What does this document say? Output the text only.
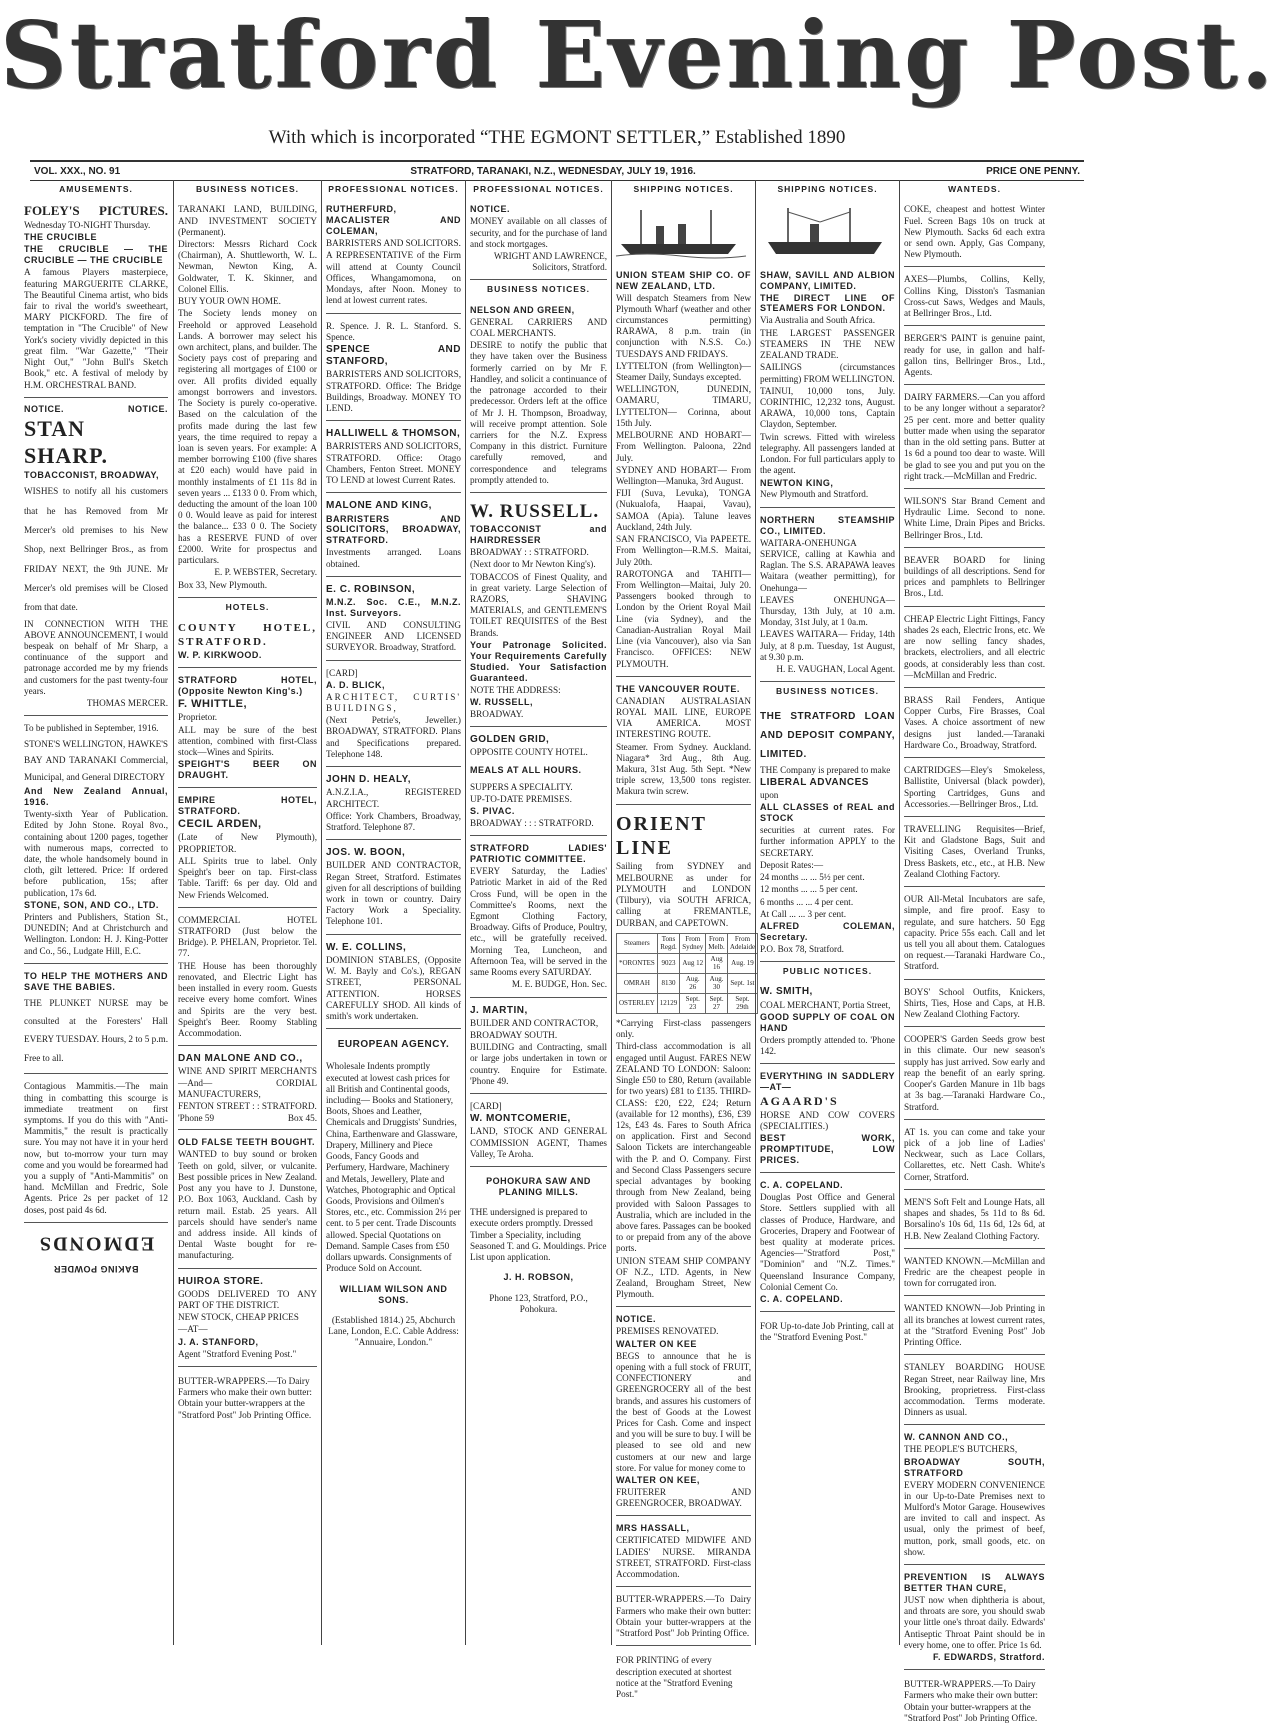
Stratford Evening Post.
With which is incorporated “THE EGMONT SETTLER,” Established 1890
VOL. XXX., NO. 91	STRATFORD, TARANAKI, N.Z., WEDNESDAY, JULY 19, 1916.	PRICE ONE PENNY.
AMUSEMENTS.
FOLEY'S PICTURES.

Wednesday TO-NIGHT Thursday.

THE CRUCIBLE

THE CRUCIBLE — THE CRUCIBLE — THE CRUCIBLE

A famous Players masterpiece, featuring MARGUERITE CLARKE, The Beautiful Cinema artist, who bids fair to rival the world's sweetheart, MARY PICKFORD. The fire of temptation in "The Crucible" of New York's society vividly depicted in this great film. "War Gazette," "Their Night Out," "John Bull's Sketch Book," etc. A festival of melody by H.M. ORCHESTRAL BAND.

NOTICE.	NOTICE.

STAN SHARP.

TOBACCONIST, BROADWAY,

WISHES to notify all his customers that he has Removed from Mr Mercer's old premises to his New Shop, next Bellringer Bros., as from FRIDAY NEXT, the 9th JUNE. Mr Mercer's old premises will be Closed from that date.

IN CONNECTION WITH THE ABOVE ANNOUNCEMENT, I would bespeak on behalf of Mr Sharp, a continuance of the support and patronage accorded me by my friends and customers for the past twenty-four years.

THOMAS MERCER.

To be published in September, 1916.

STONE'S WELLINGTON, HAWKE'S BAY AND TARANAKI Commercial, Municipal, and General DIRECTORY

And New Zealand Annual, 1916.

Twenty-sixth Year of Publication. Edited by John Stone. Royal 8vo., containing about 1200 pages, together with numerous maps, corrected to date, the whole handsomely bound in cloth, gilt lettered. Price: If ordered before publication, 15s; after publication, 17s 6d.

STONE, SON, AND CO., LTD.

Printers and Publishers, Station St., DUNEDIN; And at Christchurch and Wellington. London: H. J. King-Potter and Co., 56., Ludgate Hill, E.C.

TO HELP THE MOTHERS AND SAVE THE BABIES.

THE PLUNKET NURSE may be consulted at the Foresters' Hall EVERY TUESDAY. Hours, 2 to 5 p.m. Free to all.

Contagious Mammitis.—The main thing in combatting this scourge is immediate treatment on first symptoms. If you do this with "Anti-Mammitis," the result is practically sure. You may not have it in your herd now, but to-morrow your turn may come and you would be forearmed had you a supply of "Anti-Mammitis" on hand. McMillan and Fredric, Sole Agents. Price 2s per packet of 12 doses, post paid 4s 6d.

EDMONDS
BAKING POWDER
BUSINESS NOTICES.

TARANAKI LAND, BUILDING, AND INVESTMENT SOCIETY (Permanent).

Directors: Messrs Richard Cock (Chairman), A. Shuttleworth, W. L. Newman, Newton King, A. Goldwater, T. K. Skinner, and Colonel Ellis.

BUY YOUR OWN HOME.

The Society lends money on Freehold or approved Leasehold Lands. A borrower may select his own architect, plans, and builder. The Society pays cost of preparing and registering all mortgages of £100 or over. All profits divided equally amongst borrowers and investors. The Society is purely co-operative. Based on the calculation of the profits made during the last few years, the time required to repay a loan is seven years. For example: A member borrowing £100 (five shares at £20 each) would have paid in monthly instalments of £1 11s 8d in seven years ... £133 0 0. From which, deducting the amount of the loan 100 0 0. Would leave as paid for interest the balance... £33 0 0. The Society has a RESERVE FUND of over £2000. Write for prospectus and particulars.

E. P. WEBSTER, Secretary.

Box 33, New Plymouth.

HOTELS.

COUNTY HOTEL, STRATFORD.

W. P. KIRKWOOD.

STRATFORD HOTEL, (Opposite Newton King's.)

F. WHITTLE,

Proprietor.

ALL may be sure of the best attention, combined with first-Class stock—Wines and Spirits.

SPEIGHT'S BEER ON DRAUGHT.

EMPIRE HOTEL, STRATFORD.

CECIL ARDEN,

(Late of New Plymouth), PROPRIETOR.

ALL Spirits true to label. Only Speight's beer on tap. First-class Table. Tariff: 6s per day. Old and New Friends Welcomed.

COMMERCIAL HOTEL STRATFORD (Just below the Bridge). P. PHELAN, Proprietor. Tel. 77.

THE House has been thoroughly renovated, and Electric Light has been installed in every room. Guests receive every home comfort. Wines and Spirits are the very best. Speight's Beer. Roomy Stabling Accommodation.

DAN MALONE AND CO.,

WINE AND SPIRIT MERCHANTS —And— CORDIAL MANUFACTURERS,

FENTON STREET : : STRATFORD.

'Phone 59	Box 45.

OLD FALSE TEETH BOUGHT.

WANTED to buy sound or broken Teeth on gold, silver, or vulcanite. Best possible prices in New Zealand. Post any you have to J. Dunstone, P.O. Box 1063, Auckland. Cash by return mail. Estab. 25 years. All parcels should have sender's name and address inside. All kinds of Dental Waste bought for re-manufacturing.

HUIROA STORE.

GOODS DELIVERED TO ANY PART OF THE DISTRICT.

NEW STOCK, CHEAP PRICES

—AT—

J. A. STANFORD,

Agent "Stratford Evening Post."

BUTTER-WRAPPERS.—To Dairy Farmers who make their own butter: Obtain your butter-wrappers at the "Stratford Post" Job Printing Office.

PROFESSIONAL NOTICES.

RUTHERFURD, MACALISTER AND COLEMAN,

BARRISTERS AND SOLICITORS.

A REPRESENTATIVE of the Firm will attend at County Council Offices, Whangamomona, on Mondays, after Noon. Money to lend at lowest current rates.

R. Spence. J. R. L. Stanford. S. Spence.

SPENCE AND STANFORD,

BARRISTERS AND SOLICITORS, STRATFORD. Office: The Bridge Buildings, Broadway. MONEY TO LEND.

HALLIWELL & THOMSON,

BARRISTERS AND SOLICITORS, STRATFORD. Office: Otago Chambers, Fenton Street. MONEY TO LEND at lowest Current Rates.

MALONE AND KING,

BARRISTERS AND SOLICITORS, BROADWAY, STRATFORD.

Investments arranged. Loans obtained.

E. C. ROBINSON,

M.N.Z. Soc. C.E., M.N.Z. Inst. Surveyors.

CIVIL AND CONSULTING ENGINEER AND LICENSED SURVEYOR. Broadway, Stratford.

[CARD]

A. D. BLICK,

ARCHITECT, CURTIS' BUILDINGS,

(Next Petrie's, Jeweller.) BROADWAY, STRATFORD. Plans and Specifications prepared. Telephone 148.

JOHN D. HEALY,

A.N.Z.I.A., REGISTERED ARCHITECT.

Office: York Chambers, Broadway, Stratford. Telephone 87.

JOS. W. BOON,

BUILDER AND CONTRACTOR, Regan Street, Stratford. Estimates given for all descriptions of building work in town or country. Dairy Factory Work a Speciality. Telephone 101.

W. E. COLLINS,

DOMINION STABLES, (Opposite W. M. Bayly and Co's.), REGAN STREET, PERSONAL ATTENTION. HORSES CAREFULLY SHOD. All kinds of smith's work undertaken.

EUROPEAN AGENCY.

Wholesale Indents promptly executed at lowest cash prices for all British and Continental goods, including— Books and Stationery, Boots, Shoes and Leather, Chemicals and Druggists' Sundries, China, Earthenware and Glassware, Drapery, Millinery and Piece Goods, Fancy Goods and Perfumery, Hardware, Machinery and Metals, Jewellery, Plate and Watches, Photographic and Optical Goods, Provisions and Oilmen's Stores, etc., etc. Commission 2½ per cent. to 5 per cent. Trade Discounts allowed. Special Quotations on Demand. Sample Cases from £50 dollars upwards. Consignments of Produce Sold on Account.

WILLIAM WILSON AND SONS.

(Established 1814.) 25, Abchurch Lane, London, E.C. Cable Address: "Annuaire, London."

PROFESSIONAL NOTICES.

NOTICE.

MONEY available on all classes of security, and for the purchase of land and stock mortgages.

WRIGHT AND LAWRENCE, Solicitors, Stratford.

BUSINESS NOTICES.

NELSON AND GREEN,

GENERAL CARRIERS AND COAL MERCHANTS.

DESIRE to notify the public that they have taken over the Business formerly carried on by Mr F. Handley, and solicit a continuance of the patronage accorded to their predecessor. Orders left at the office of Mr J. H. Thompson, Broadway, will receive prompt attention. Sole carriers for the N.Z. Express Company in this district. Furniture carefully removed, and correspondence and telegrams promptly attended to.

W. RUSSELL.

TOBACCONIST and HAIRDRESSER

BROADWAY : : STRATFORD.

(Next door to Mr Newton King's).

TOBACCOS of Finest Quality, and in great variety. Large Selection of RAZORS, SHAVING MATERIALS, and GENTLEMEN'S TOILET REQUISITES of the Best Brands.

Your Patronage Solicited. Your Requirements Carefully Studied. Your Satisfaction Guaranteed.

NOTE THE ADDRESS:

W. RUSSELL,

BROADWAY.

GOLDEN GRID,

OPPOSITE COUNTY HOTEL.

MEALS AT ALL HOURS.

SUPPERS A SPECIALITY.

UP-TO-DATE PREMISES.

S. PIVAC.

BROADWAY : : : STRATFORD.

STRATFORD LADIES' PATRIOTIC COMMITTEE.

EVERY Saturday, the Ladies' Patriotic Market in aid of the Red Cross Fund, will be open in the Committee's Rooms, next the Egmont Clothing Factory, Broadway. Gifts of Produce, Poultry, etc., will be gratefully received. Morning Tea, Luncheon, and Afternoon Tea, will be served in the same Rooms every SATURDAY.

M. E. BUDGE, Hon. Sec.

J. MARTIN,

BUILDER AND CONTRACTOR,

BROADWAY SOUTH.

BUILDING and Contracting, small or large jobs undertaken in town or country. Enquire for Estimate. 'Phone 49.

[CARD]

W. MONTCOMERIE,

LAND, STOCK AND GENERAL COMMISSION AGENT, Thames Valley, Te Aroha.

POHOKURA SAW AND PLANING MILLS.

THE undersigned is prepared to execute orders promptly. Dressed Timber a Speciality, including Seasoned T. and G. Mouldings. Price List upon application.

J. H. ROBSON,

Phone 123, Stratford, P.O., Pohokura.

SHIPPING NOTICES.

UNION STEAM SHIP CO. OF NEW ZEALAND, LTD.

Will despatch Steamers from New Plymouth Wharf (weather and other circumstances permitting) RARAWA, 8 p.m. train (in conjunction with N.S.S. Co.) TUESDAYS AND FRIDAYS.

LYTTELTON (from Wellington)— Steamer Daily, Sundays excepted.

WELLINGTON, DUNEDIN, OAMARU, TIMARU, LYTTELTON— Corinna, about 15th July.

MELBOURNE AND HOBART—From Wellington. Paloona, 22nd July.

SYDNEY AND HOBART— From Wellington—Manuka, 3rd August.

FIJI (Suva, Levuka), TONGA (Nukualofa, Haapai, Vavau), SAMOA (Apia). Talune leaves Auckland, 24th July.

SAN FRANCISCO, Via PAPEETE. From Wellington—R.M.S. Maitai, July 20th.

RAROTONGA and TAHITI— From Wellington—Maitai, July 20. Passengers booked through to London by the Orient Royal Mail Line (via Sydney), and the Canadian-Australian Royal Mail Line (via Vancouver), also via San Francisco. OFFICES: NEW PLYMOUTH.

THE VANCOUVER ROUTE.

CANADIAN AUSTRALASIAN ROYAL MAIL LINE, EUROPE VIA AMERICA. MOST INTERESTING ROUTE.

Steamer. From Sydney. Auckland. Niagara* 3rd Aug., 8th Aug. Makura, 31st Aug. 5th Sept. *New triple screw, 13,500 tons register. Makura twin screw.

ORIENT LINE

Sailing from SYDNEY and MELBOURNE as under for PLYMOUTH and LONDON (Tilbury), via SOUTH AFRICA, calling at FREMANTLE, DURBAN, and CAPETOWN.

Steamers	Tons Regd.	From Sydney	From Melb.	From Adelaide
*ORONTES	9023	Aug 12	Aug 16	Aug. 19
OMRAH	8130	Aug. 26	Aug. 30	Sept. 1st
OSTERLEY	12129	Sept. 23	Sept. 27	Sept. 29th

*Carrying First-class passengers only.

Third-class accommodation is all engaged until August. FARES NEW ZEALAND TO LONDON: Saloon: Single £50 to £80, Return (available for two years) £81 to £135. THIRD-CLASS: £20, £22, £24; Return (available for 12 months), £36, £39 12s, £43 4s. Fares to South Africa on application. First and Second Saloon Tickets are interchangeable with the P. and O. Company. First and Second Class Passengers secure special advantages by booking through from New Zealand, being provided with Saloon Passages to Australia, which are included in the above fares. Passages can be booked to or prepaid from any of the above ports.

UNION STEAM SHIP COMPANY OF N.Z., LTD. Agents, in New Zealand, Brougham Street, New Plymouth.

NOTICE.

PREMISES RENOVATED.

WALTER ON KEE

BEGS to announce that he is opening with a full stock of FRUIT, CONFECTIONERY and GREENGROCERY all of the best brands, and assures his customers of the best of Goods at the Lowest Prices for Cash. Come and inspect and you will be sure to buy. I will be pleased to see old and new customers at our new and large store. For value for money come to

WALTER ON KEE,

FRUITERER AND GREENGROCER, BROADWAY.

MRS HASSALL,

CERTIFICATED MIDWIFE AND LADIES' NURSE. MIRANDA STREET, STRATFORD. First-class Accommodation.

BUTTER-WRAPPERS.—To Dairy Farmers who make their own butter: Obtain your butter-wrappers at the "Stratford Post" Job Printing Office.

FOR PRINTING of every description executed at shortest notice at the "Stratford Evening Post."

SHIPPING NOTICES.

SHAW, SAVILL AND ALBION COMPANY, LIMITED.

THE DIRECT LINE OF STEAMERS FOR LONDON.

Via Australia and South Africa.

THE LARGEST PASSENGER STEAMERS IN THE NEW ZEALAND TRADE.

SAILINGS (circumstances permitting) FROM WELLINGTON.

TAINUI, 10,000 tons, July. CORINTHIC, 12,232 tons, August. ARAWA, 10,000 tons, Captain Claydon, September.

Twin screws. Fitted with wireless telegraphy. All passengers landed at London. For full particulars apply to the agent.

NEWTON KING,

New Plymouth and Stratford.

NORTHERN STEAMSHIP CO., LIMITED.

WAITARA-ONEHUNGA SERVICE, calling at Kawhia and Raglan. The S.S. ARAPAWA leaves Waitara (weather permitting), for Onehunga—

LEAVES ONEHUNGA— Thursday, 13th July, at 10 a.m. Monday, 31st July, at 1 0a.m.

LEAVES WAITARA— Friday, 14th July, at 8 p.m. Tuesday, 1st August, at 9.30 p.m.

H. E. VAUGHAN, Local Agent.

BUSINESS NOTICES.

THE STRATFORD LOAN AND DEPOSIT COMPANY, LIMITED.

THE Company is prepared to make

LIBERAL ADVANCES

upon

ALL CLASSES of REAL and STOCK

securities at current rates. For further information APPLY to the SECRETARY.

Deposit Rates:—

24 months ... ... 5½ per cent.

12 months ... ... 5 per cent.

6 months ... ... 4 per cent.

At Call ... ... 3 per cent.

ALFRED COLEMAN, Secretary.

P.O. Box 78, Stratford.

PUBLIC NOTICES.

W. SMITH,

COAL MERCHANT, Portia Street,

GOOD SUPPLY OF COAL ON HAND

Orders promptly attended to. 'Phone 142.

EVERYTHING IN SADDLERY —AT—

AGAARD'S

HORSE AND COW COVERS (SPECIALITIES.)

BEST WORK, PROMPTITUDE, LOW PRICES.

C. A. COPELAND.

Douglas Post Office and General Store. Settlers supplied with all classes of Produce, Hardware, and Groceries, Drapery and Footwear of best quality at moderate prices. Agencies—"Stratford Post," "Dominion" and "N.Z. Times." Queensland Insurance Company, Colonial Cement Co.

C. A. COPELAND.

FOR Up-to-date Job Printing, call at the "Stratford Evening Post."

WANTEDS.

COKE, cheapest and hottest Winter Fuel. Screen Bags 10s on truck at New Plymouth. Sacks 6d each extra or send own. Apply, Gas Company, New Plymouth.

AXES—Plumbs, Collins, Kelly, Collins King, Disston's Tasmanian Cross-cut Saws, Wedges and Mauls, at Bellringer Bros., Ltd.

BERGER'S PAINT is genuine paint, ready for use, in gallon and half-gallon tins, Bellringer Bros., Ltd., Agents.

DAIRY FARMERS.—Can you afford to be any longer without a separator? 25 per cent. more and better quality butter made when using the separator than in the old setting pans. Butter at 1s 6d a pound too dear to waste. Will be glad to see you and put you on the right track.—McMillan and Fredric.

WILSON'S Star Brand Cement and Hydraulic Lime. Second to none. White Lime, Drain Pipes and Bricks. Bellringer Bros., Ltd.

BEAVER BOARD for lining buildings of all descriptions. Send for prices and pamphlets to Bellringer Bros., Ltd.

CHEAP Electric Light Fittings, Fancy shades 2s each, Electric Irons, etc. We are now selling fancy shades, brackets, electroliers, and all electric goods, at considerably less than cost.—McMillan and Fredric.

BRASS Rail Fenders, Antique Copper Curbs, Fire Brasses, Coal Vases. A choice assortment of new designs just landed.—Taranaki Hardware Co., Broadway, Stratford.

CARTRIDGES—Eley's Smokeless, Ballistite, Universal (black powder), Sporting Cartridges, Guns and Accessories.—Bellringer Bros., Ltd.

TRAVELLING Requisites—Brief, Kit and Gladstone Bags, Suit and Visiting Cases, Overland Trunks, Dress Baskets, etc., etc., at H.B. New Zealand Clothing Factory.

OUR All-Metal Incubators are safe, simple, and fire proof. Easy to regulate, and sure hatchers. 50 Egg capacity. Price 55s each. Call and let us tell you all about them. Catalogues on request.—Taranaki Hardware Co., Stratford.

BOYS' School Outfits, Knickers, Shirts, Ties, Hose and Caps, at H.B. New Zealand Clothing Factory.

COOPER'S Garden Seeds grow best in this climate. Our new season's supply has just arrived. Sow early and reap the benefit of an early spring. Cooper's Garden Manure in 1lb bags at 3s bag.—Taranaki Hardware Co., Stratford.

AT 1s. you can come and take your pick of a job line of Ladies' Neckwear, such as Lace Collars, Collarettes, etc. Nett Cash. White's Corner, Stratford.

MEN'S Soft Felt and Lounge Hats, all shapes and shades, 5s 11d to 8s 6d. Borsalino's 10s 6d, 11s 6d, 12s 6d, at H.B. New Zealand Clothing Factory.

WANTED KNOWN.—McMillan and Fredric are the cheapest people in town for corrugated iron.

WANTED KNOWN—Job Printing in all its branches at lowest current rates, at the "Stratford Evening Post" Job Printing Office.

STANLEY BOARDING HOUSE Regan Street, near Railway line, Mrs Brooking, proprietress. First-class accommodation. Terms moderate. Dinners as usual.

W. CANNON AND CO.,

THE PEOPLE'S BUTCHERS,

BROADWAY SOUTH, STRATFORD

EVERY MODERN CONVENIENCE in our Up-to-Date Premises next to Mulford's Motor Garage. Housewives are invited to call and inspect. As usual, only the primest of beef, mutton, pork, small goods, etc. on show.

PREVENTION IS ALWAYS BETTER THAN CURE,

JUST now when diphtheria is about, and throats are sore, you should swab your little one's throat daily. Edwards' Antiseptic Throat Paint should be in every home, one to offer. Price 1s 6d.

F. EDWARDS, Stratford.

BUTTER-WRAPPERS.—To Dairy Farmers who make their own butter: Obtain your butter-wrappers at the "Stratford Post" Job Printing Office.
